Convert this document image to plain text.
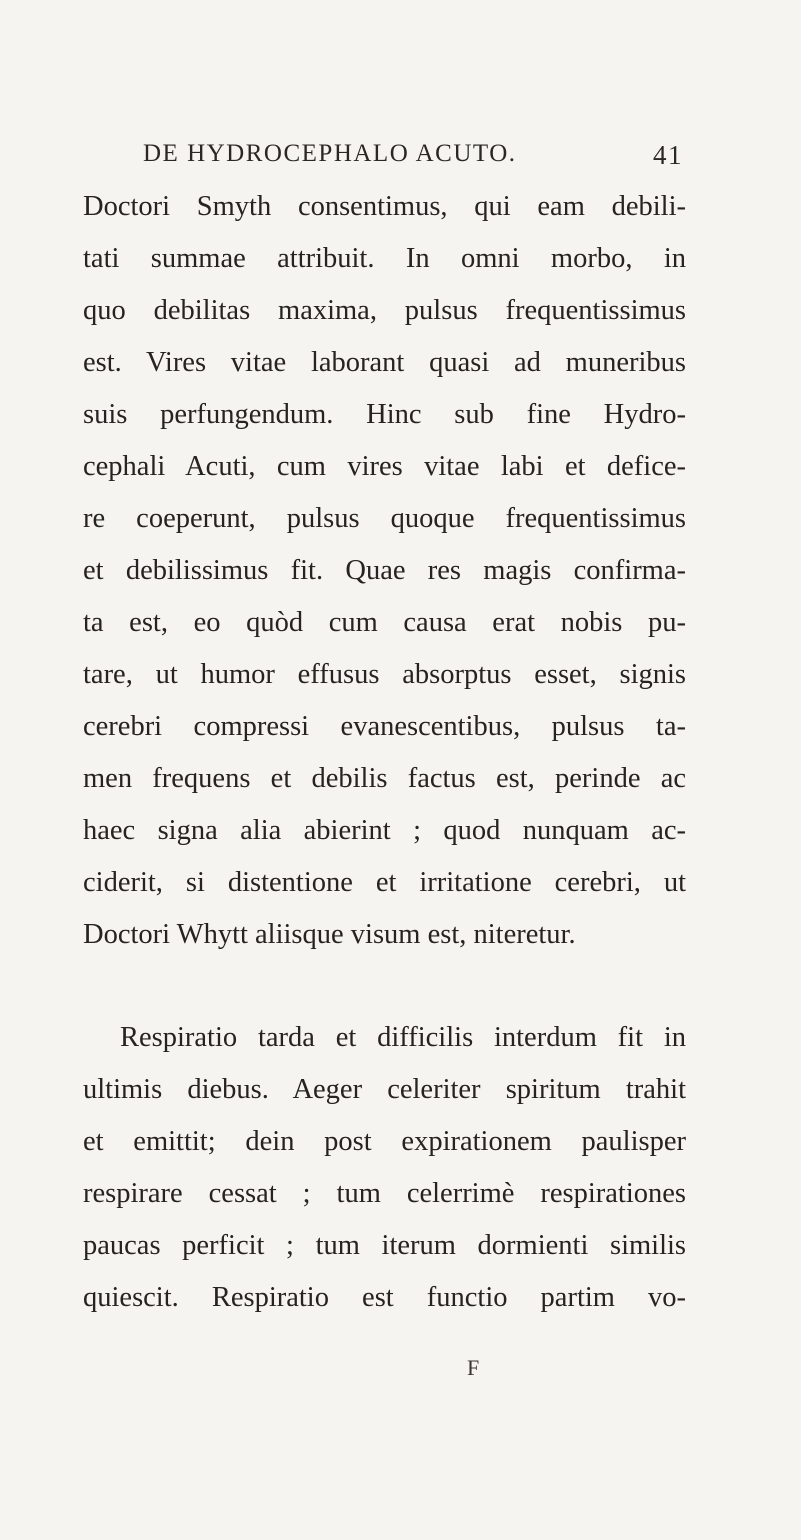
DE HYDROCEPHALO ACUTO.	41
Doctori Smyth consentimus, qui eam debili-
tati summae attribuit. In omni morbo, in
quo debilitas maxima, pulsus frequentissimus
est. Vires vitae laborant quasi ad muneribus
suis perfungendum. Hinc sub fine Hydro-
cephali Acuti, cum vires vitae labi et defice-
re coeperunt, pulsus quoque frequentissimus
et debilissimus fit. Quae res magis confirma-
ta est, eo quòd cum causa erat nobis pu-
tare, ut humor effusus absorptus esset, signis
cerebri compressi evanescentibus, pulsus ta-
men frequens et debilis factus est, perinde ac
haec signa alia abierint ; quod nunquam ac-
ciderit, si distentione et irritatione cerebri, ut
Doctori Whytt aliisque visum est, niteretur.
Respiratio tarda et difficilis interdum fit in
ultimis diebus. Aeger celeriter spiritum trahit
et emittit; dein post expirationem paulisper
respirare cessat ; tum celerrimè respirationes
paucas perficit ; tum iterum dormienti similis
quiescit. Respiratio est functio partim vo-
F
